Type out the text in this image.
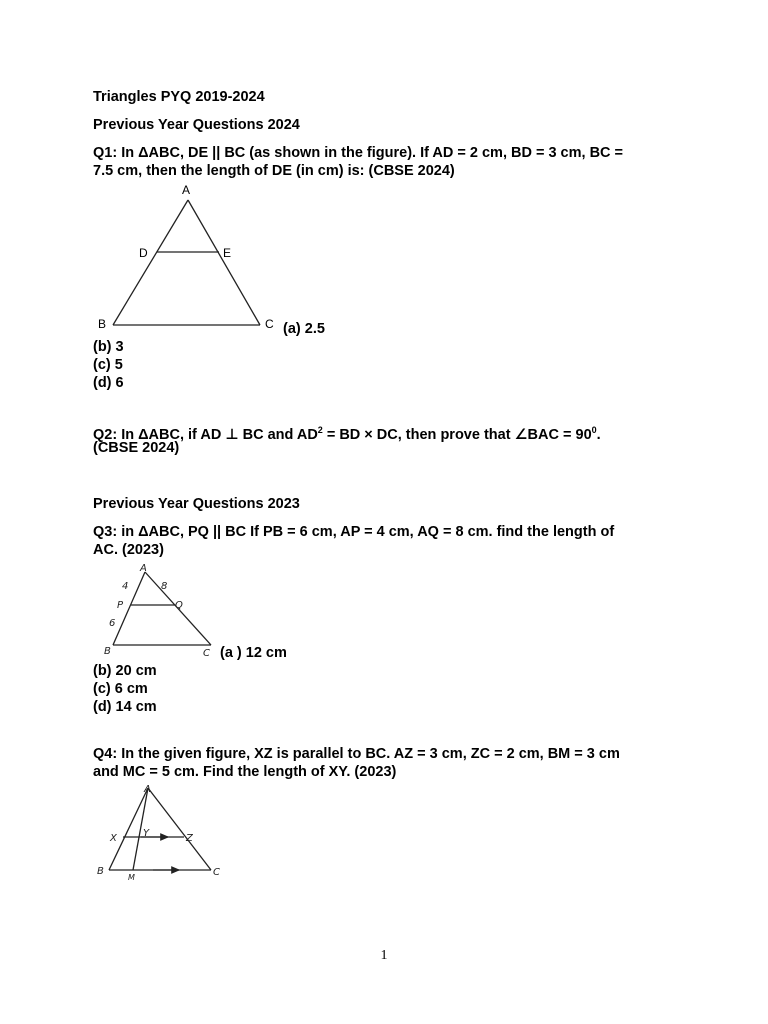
Triangles PYQ 2019-2024
Previous Year Questions 2024
Q1: In ΔABC, DE || BC (as shown in the figure). If AD = 2 cm, BD = 3 cm, BC =
7.5 cm, then the length of DE (in cm) is: (CBSE 2024)
A
D	E
B	C (a) 2.5
(b) 3
(c) 5
(d) 6
Q2: In ΔABC, if AD ⊥ BC and $AD^2$ = BD × DC, then prove that ∠BAC = $90^0$.
(CBSE 2024)
Previous Year Questions 2023
Q3: in ΔABC, PQ || BC If PB = 6 cm, AP = 4 cm, AQ = 8 cm. find the length of
AC. (2023)
A
4	8
P	Q
6
B	C (a ) 12 cm
(b) 20 cm
(c) 6 cm
(d) 14 cm
Q4: In the given figure, XZ is parallel to BC. AZ = 3 cm, ZC = 2 cm, BM = 3 cm
and MC = 5 cm. Find the length of XY. (2023)
A
X	Y	Z
B
M	C
1
